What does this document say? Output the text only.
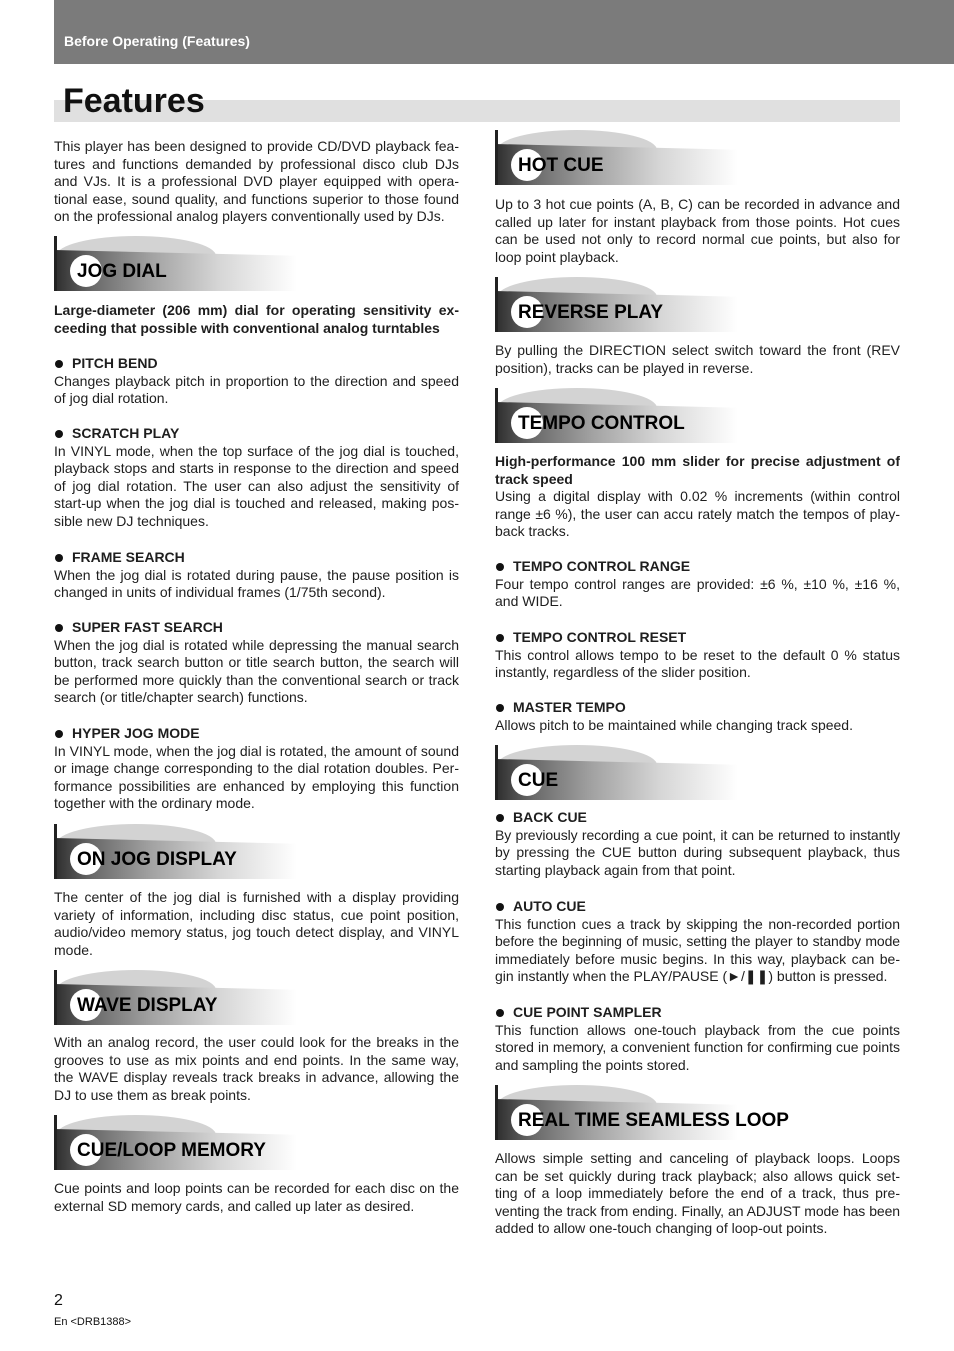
Before Operating (Features)
Features
This player has been designed to provide CD/DVD playback fea-
tures and functions demanded by professional disco club DJs
and VJs. It is a professional DVD player equipped with opera-
tional ease, sound quality, and functions superior to those found
on the professional analog players conventionally used by DJs.
JOG DIAL
Large-diameter (206 mm) dial for operating sensitivity ex-
ceeding that possible with conventional analog turntables
PITCH BEND
Changes playback pitch in proportion to the direction and speed
of jog dial rotation.
SCRATCH PLAY
In VINYL mode, when the top surface of the jog dial is touched,
playback stops and starts in response to the direction and speed
of jog dial rotation. The user can also adjust the sensitivity of
start-up when the jog dial is touched and released, making pos-
sible new DJ techniques.
FRAME SEARCH
When the jog dial is rotated during pause, the pause position is
changed in units of individual frames (1/75th second).
SUPER FAST SEARCH
When the jog dial is rotated while depressing the manual search
button, track search button or title search button, the search will
be performed more quickly than the conventional search or track
search (or title/chapter search) functions.
HYPER JOG MODE
In VINYL mode, when the jog dial is rotated, the amount of sound
or image change corresponding to the dial rotation doubles. Per-
formance possibilities are enhanced by employing this function
together with the ordinary mode.
ON JOG DISPLAY
The center of the jog dial is furnished with a display providing
variety of information, including disc status, cue point position,
audio/video memory status, jog touch detect display, and VINYL
mode.
WAVE DISPLAY
With an analog record, the user could look for the breaks in the
grooves to use as mix points and end points. In the same way,
the WAVE display reveals track breaks in advance, allowing the
DJ to use them as break points.
CUE/LOOP MEMORY
Cue points and loop points can be recorded for each disc on the
external SD memory cards, and called up later as desired.
HOT CUE
Up to 3 hot cue points (A, B, C) can be recorded in advance and
called up later for instant playback from those points. Hot cues
can be used not only to record normal cue points, but also for
loop point playback.
REVERSE PLAY
By pulling the DIRECTION select switch toward the front (REV
position), tracks can be played in reverse.
TEMPO CONTROL
High-performance 100 mm slider for precise adjustment of
track speed
Using a digital display with 0.02 % increments (within control
range ±6 %), the user can accu rately match the tempos of play-
back tracks.
TEMPO CONTROL RANGE
Four tempo control ranges are provided: ±6 %, ±10 %, ±16 %,
and WIDE.
TEMPO CONTROL RESET
This control allows tempo to be reset to the default 0 % status
instantly, regardless of the slider position.
MASTER TEMPO
Allows pitch to be maintained while changing track speed.
CUE
BACK CUE
By previously recording a cue point, it can be returned to instantly
by pressing the CUE button during subsequent playback, thus
starting playback again from that point.
AUTO CUE
This function cues a track by skipping the non-recorded portion
before the beginning of music, setting the player to standby mode
immediately before music begins. In this way, playback can be-
gin instantly when the PLAY/PAUSE (►/❚❚) button is pressed.
CUE POINT SAMPLER
This function allows one-touch playback from the cue points
stored in memory, a convenient function for confirming cue points
and sampling the points stored.
REAL TIME SEAMLESS LOOP
Allows simple setting and canceling of playback loops. Loops
can be set quickly during track playback; also allows quick set-
ting of a loop immediately before the end of a track, thus pre-
venting the track from ending. Finally, an ADJUST mode has been
added to allow one-touch changing of loop-out points.
2
En <DRB1388>
